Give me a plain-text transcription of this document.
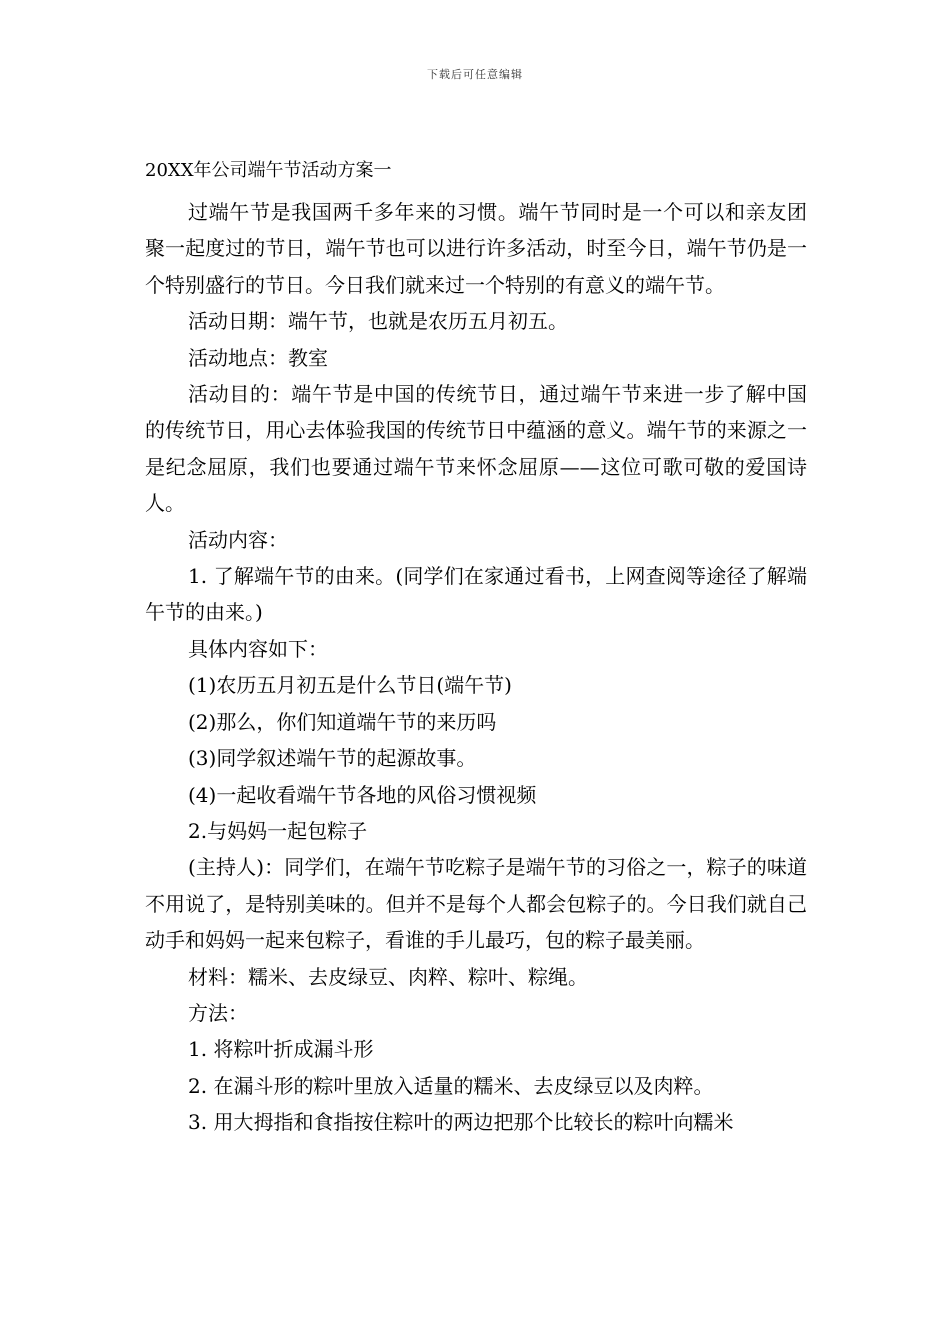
下载后可任意编辑
20XX年公司端午节活动方案一

过端午节是我国两千多年来的习惯。端午节同时是一个可以和亲友团聚一起度过的节日，端午节也可以进行许多活动，时至今日，端午节仍是一个特别盛行的节日。今日我们就来过一个特别的有意义的端午节。

活动日期：端午节，也就是农历五月初五。

活动地点：教室

活动目的：端午节是中国的传统节日，通过端午节来进一步了解中国的传统节日，用心去体验我国的传统节日中蕴涵的意义。端午节的来源之一是纪念屈原，我们也要通过端午节来怀念屈原——这位可歌可敬的爱国诗人。

活动内容：

1. 了解端午节的由来。(同学们在家通过看书，上网查阅等途径了解端午节的由来。)

具体内容如下：

(1)农历五月初五是什么节日(端午节)

(2)那么，你们知道端午节的来历吗

(3)同学叙述端午节的起源故事。

(4)一起收看端午节各地的风俗习惯视频

2.与妈妈一起包粽子

(主持人)：同学们，在端午节吃粽子是端午节的习俗之一，粽子的味道不用说了，是特别美味的。但并不是每个人都会包粽子的。今日我们就自己动手和妈妈一起来包粽子，看谁的手儿最巧，包的粽子最美丽。

材料：糯米、去皮绿豆、肉粹、粽叶、粽绳。

方法：

1. 将粽叶折成漏斗形

2. 在漏斗形的粽叶里放入适量的糯米、去皮绿豆以及肉粹。

3. 用大拇指和食指按住粽叶的两边把那个比较长的粽叶向糯米
